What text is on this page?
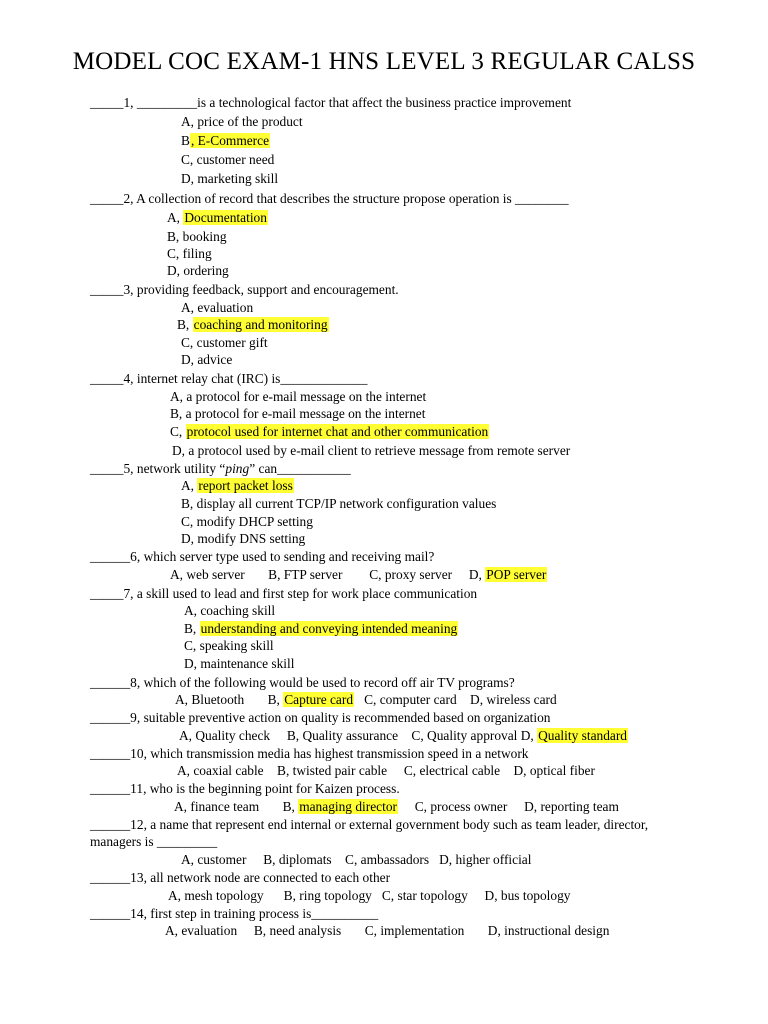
MODEL COC EXAM-1 HNS LEVEL 3 REGULAR CALSS
_____1, _________is a technological factor that affect the business practice improvement
A, price of the product
B, E-Commerce
C, customer need
D, marketing skill
_____2, A collection of record that describes the structure propose operation is ________
A, Documentation
B, booking
C, filing
D, ordering
_____3, providing feedback, support and encouragement.
A, evaluation
B, coaching and monitoring
C, customer gift
D, advice
_____4, internet relay chat (IRC) is_____________
A, a protocol for e-mail message on the internet
B, a protocol for e-mail message on the internet
C, protocol used for internet chat and other communication
D, a protocol used by e-mail client to retrieve message from remote server
_____5, network utility “ping” can___________
A, report packet loss
B, display all current TCP/IP network configuration values
C, modify DHCP setting
D, modify DNS setting
______6, which server type used to sending and receiving mail?
A, web server       B, FTP server        C, proxy server     D, POP server
_____7, a skill used to lead and first step for work place communication
A, coaching skill
B, understanding and conveying intended meaning
C, speaking skill
D, maintenance skill
______8, which of the following would be used to record off air TV programs?
A, Bluetooth       B, Capture card   C, computer card    D, wireless card
______9, suitable preventive action on quality is recommended based on organization
A, Quality check     B, Quality assurance    C, Quality approval D, Quality standard
______10, which transmission media has highest transmission speed in a network
A, coaxial cable    B, twisted pair cable     C, electrical cable    D, optical fiber
______11, who is the beginning point for Kaizen process.
A, finance team       B, managing director     C, process owner     D, reporting team
______12, a name that represent end internal or external government body such as team leader, director,
managers is _________
A, customer     B, diplomats    C, ambassadors   D, higher official
______13, all network node are connected to each other
A, mesh topology      B, ring topology   C, star topology     D, bus topology
______14, first step in training process is__________
A, evaluation     B, need analysis       C, implementation       D, instructional design
